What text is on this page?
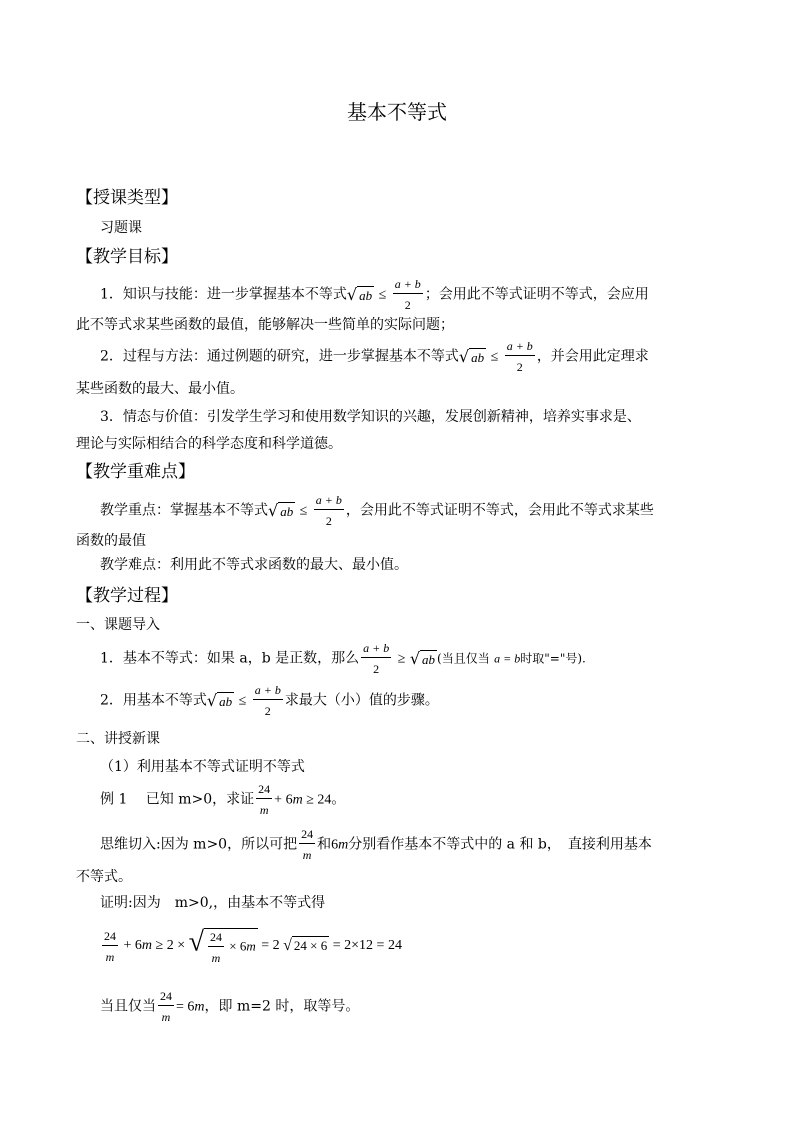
基本不等式
【授课类型】
习题课
【教学目标】
1．知识与技能：进一步掌握基本不等式√ ab ≤ $\frac{a + b}{2}$ ；会用此不等式证明不等式，会应用
此不等式求某些函数的最值，能够解决一些简单的实际问题；
2．过程与方法：通过例题的研究，进一步掌握基本不等式√ ab ≤ $\frac{a + b}{2}$ ，并会用此定理求
某些函数的最大、最小值。
3．情态与价值：引发学生学习和使用数学知识的兴趣，发展创新精神，培养实事求是、
理论与实际相结合的科学态度和科学道德。
【教学重难点】
教学重点：掌握基本不等式√ ab ≤ $\frac{a + b}{2}$ ，会用此不等式证明不等式，会用此不等式求某些
函数的最值
教学难点：利用此不等式求函数的最大、最小值。
【教学过程】
一、课题导入
1．基本不等式：如果 a，b 是正数，那么 $\frac{a + b}{2}$ ≥ √ ab (当且仅当 a = b时取"="号).
2．用基本不等式√ ab ≤ $\frac{a + b}{2}$ 求最大（小）值的步骤。
二、讲授新课
（1）利用基本不等式证明不等式
例 1　 已知 m>0，求证 $\frac{24}{m} + 6m \ge 24$。
思维切入:因为 m>0，所以可把 $\frac{24}{m}$ 和6m分别看作基本不等式中的 a 和 b，　直接利用基本
不等式。
证明:因为　m>0,，由基本不等式得
$\frac{24}{m} + 6m \ge 2$ × √ $\frac{24}{m} \times 6m = 2$ √ 24 × 6 = 2×12 = 24
当且仅当 $\frac{24}{m} = 6m$，即 m=2 时，取等号。
